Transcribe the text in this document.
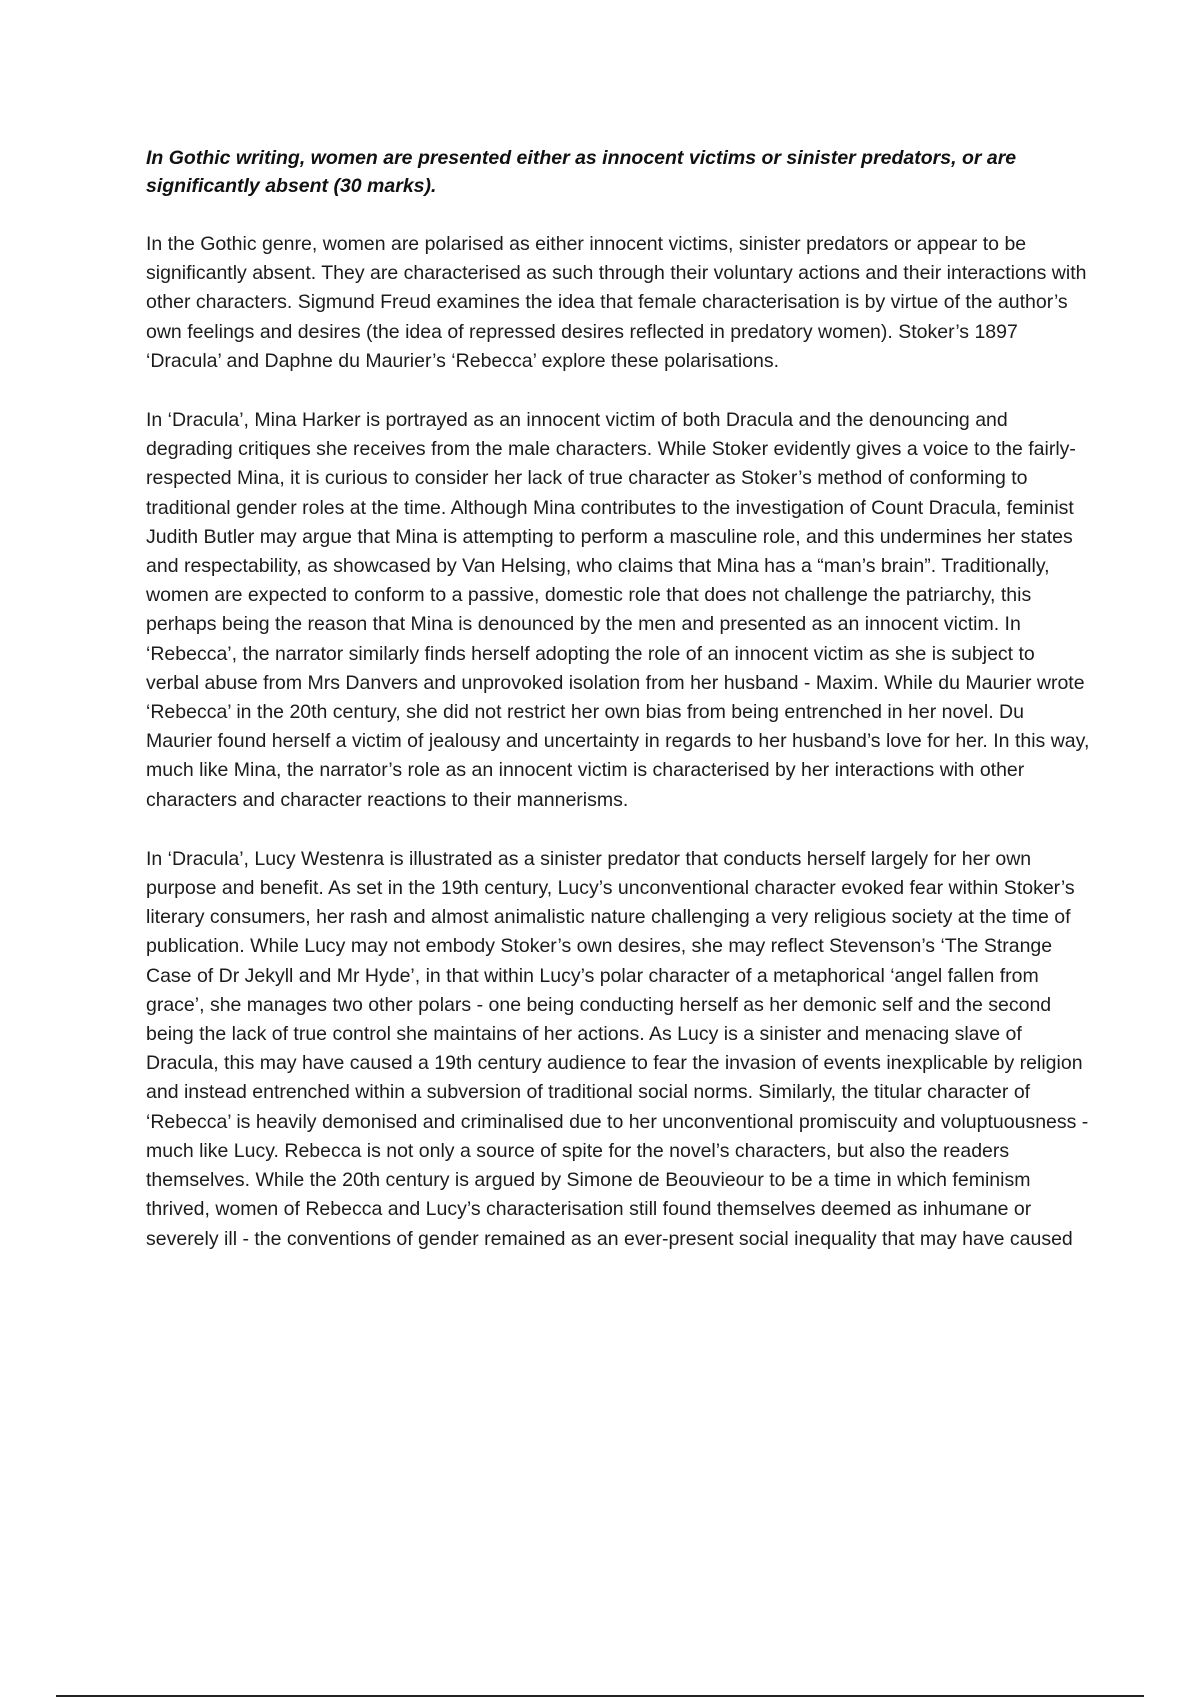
In Gothic writing, women are presented either as innocent victims or sinister predators, or are significantly absent (30 marks).

In the Gothic genre, women are polarised as either innocent victims, sinister predators or appear to be significantly absent. They are characterised as such through their voluntary actions and their interactions with other characters. Sigmund Freud examines the idea that female characterisation is by virtue of the author’s own feelings and desires (the idea of repressed desires reflected in predatory women). Stoker’s 1897 ‘Dracula’ and Daphne du Maurier’s ‘Rebecca’ explore these polarisations.

In ‘Dracula’, Mina Harker is portrayed as an innocent victim of both Dracula and the denouncing and degrading critiques she receives from the male characters. While Stoker evidently gives a voice to the fairly-respected Mina, it is curious to consider her lack of true character as Stoker’s method of conforming to traditional gender roles at the time. Although Mina contributes to the investigation of Count Dracula, feminist Judith Butler may argue that Mina is attempting to perform a masculine role, and this undermines her states and respectability, as showcased by Van Helsing, who claims that Mina has a “man’s brain”. Traditionally, women are expected to conform to a passive, domestic role that does not challenge the patriarchy, this perhaps being the reason that Mina is denounced by the men and presented as an innocent victim. In ‘Rebecca’, the narrator similarly finds herself adopting the role of an innocent victim as she is subject to verbal abuse from Mrs Danvers and unprovoked isolation from her husband - Maxim. While du Maurier wrote ‘Rebecca’ in the 20th century, she did not restrict her own bias from being entrenched in her novel. Du Maurier found herself a victim of jealousy and uncertainty in regards to her husband’s love for her. In this way, much like Mina, the narrator’s role as an innocent victim is characterised by her interactions with other characters and character reactions to their mannerisms.

In ‘Dracula’, Lucy Westenra is illustrated as a sinister predator that conducts herself largely for her own purpose and benefit. As set in the 19th century, Lucy’s unconventional character evoked fear within Stoker’s literary consumers, her rash and almost animalistic nature challenging a very religious society at the time of publication. While Lucy may not embody Stoker’s own desires, she may reflect Stevenson’s ‘The Strange Case of Dr Jekyll and Mr Hyde’, in that within Lucy’s polar character of a metaphorical ‘angel fallen from grace’, she manages two other polars - one being conducting herself as her demonic self and the second being the lack of true control she maintains of her actions. As Lucy is a sinister and menacing slave of Dracula, this may have caused a 19th century audience to fear the invasion of events inexplicable by religion and instead entrenched within a subversion of traditional social norms. Similarly, the titular character of ‘Rebecca’ is heavily demonised and criminalised due to her unconventional promiscuity and voluptuousness - much like Lucy. Rebecca is not only a source of spite for the novel’s characters, but also the readers themselves. While the 20th century is argued by Simone de Beouvieour to be a time in which feminism thrived, women of Rebecca and Lucy’s characterisation still found themselves deemed as inhumane or severely ill - the conventions of gender remained as an ever-present social inequality that may have caused
